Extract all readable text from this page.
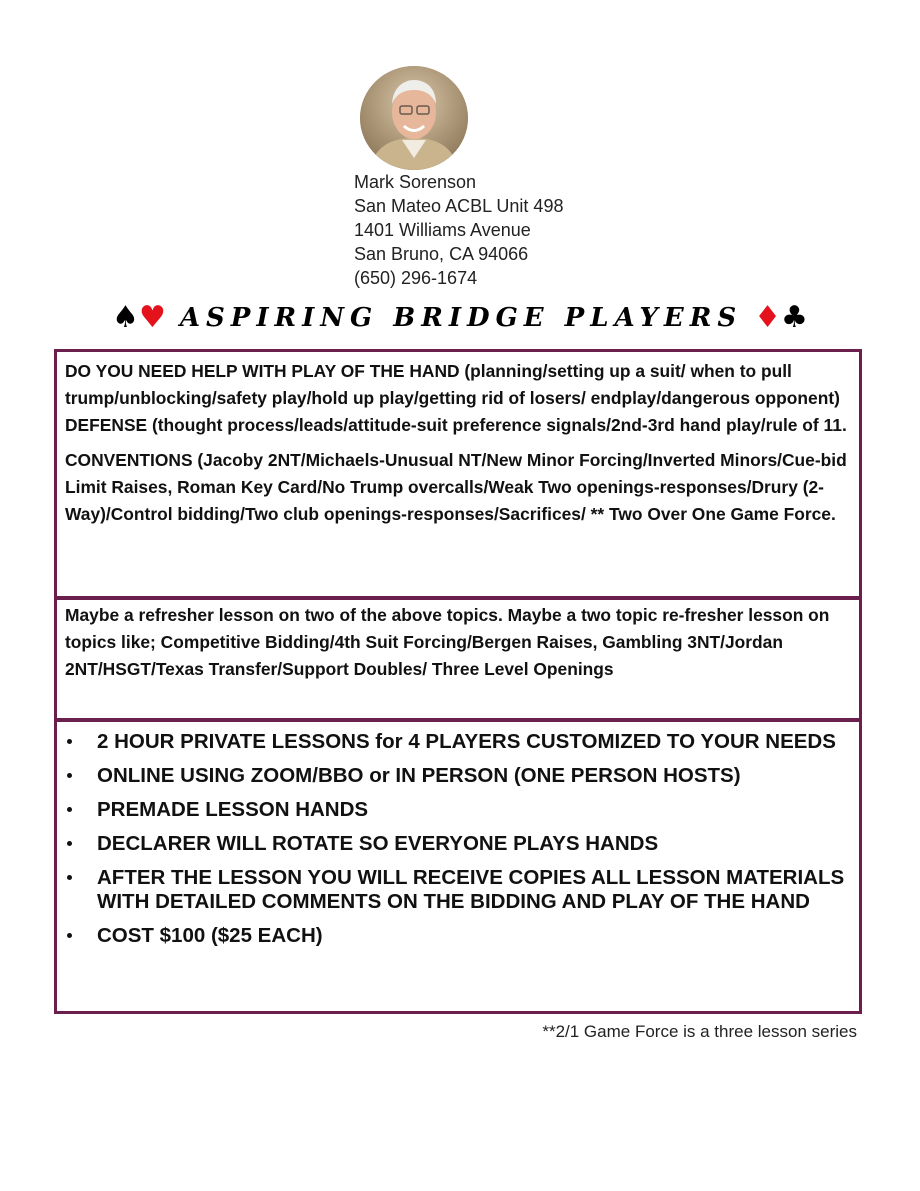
Mark Sorenson
San Mateo ACBL Unit 498
1401 Williams Avenue
San Bruno, CA 94066
(650) 296-1674
♠ ♥ ASPIRING BRIDGE PLAYERS ♦ ♣

DO YOU NEED HELP WITH PLAY OF THE HAND (planning/setting up a suit/ when to pull trump/unblocking/safety play/hold up play/getting rid of losers/ endplay/dangerous opponent) DEFENSE (thought process/leads/attitude-suit preference signals/2nd-3rd hand play/rule of 11.

CONVENTIONS (Jacoby 2NT/Michaels-Unusual NT/New Minor Forcing/Inverted Minors/Cue-bid Limit Raises, Roman Key Card/No Trump overcalls/Weak Two openings-responses/Drury (2-Way)/Control bidding/Two club openings-responses/Sacrifices/ ** Two Over One Game Force.

Maybe a refresher lesson on two of the above topics. Maybe a two topic re-fresher lesson on topics like; Competitive Bidding/4th Suit Forcing/Bergen Raises, Gambling 3NT/Jordan 2NT/HSGT/Texas Transfer/Support Doubles/ Three Level Openings

2 HOUR PRIVATE LESSONS for 4 PLAYERS CUSTOMIZED TO YOUR NEEDS
ONLINE USING ZOOM/BBO or IN PERSON (ONE PERSON HOSTS)
PREMADE LESSON HANDS
DECLARER WILL ROTATE SO EVERYONE PLAYS HANDS
AFTER THE LESSON YOU WILL RECEIVE COPIES ALL LESSON MATERIALS WITH DETAILED COMMENTS ON THE BIDDING AND PLAY OF THE HAND
COST $100 ($25 EACH)
**2/1 Game Force is a three lesson series
